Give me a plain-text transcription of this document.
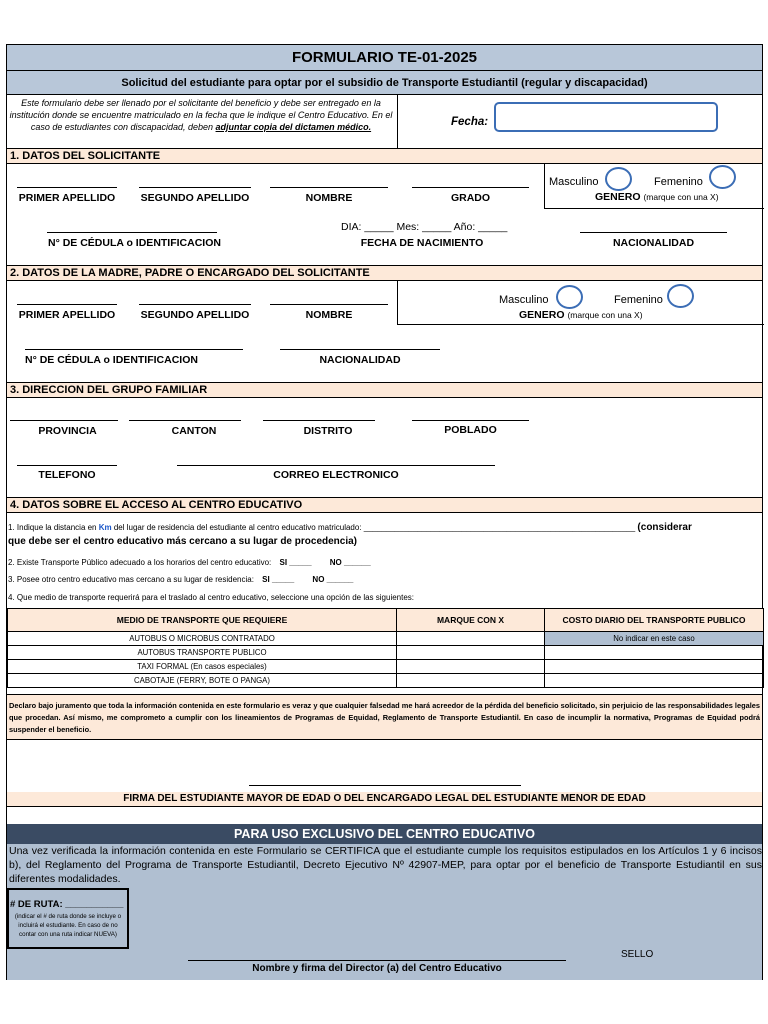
FORMULARIO TE-01-2025
Solicitud del estudiante para optar por el subsidio de Transporte Estudiantil (regular y discapacidad)
Este formulario debe ser llenado por el solicitante del beneficio y debe ser entregado en la institución donde se encuentre matriculado en la fecha que le indique el Centro Educativo. En el caso de estudiantes con discapacidad, deben adjuntar copia del dictamen médico.	Fecha:
1. DATOS DEL SOLICITANTE
PRIMER APELLIDO SEGUNDO APELLIDO	NOMBRE	GRADO
Masculino	Femenino
GENERO (marque con una X)
N° DE CÉDULA o IDENTIFICACION
DIA: _____ Mes: _____ Año: _____
FECHA DE NACIMIENTO	NACIONALIDAD
2. DATOS DE LA MADRE, PADRE O ENCARGADO DEL SOLICITANTE
PRIMER APELLIDO SEGUNDO APELLIDO	NOMBRE
Masculino	Femenino
GENERO (marque con una X)
N° DE CÉDULA o IDENTIFICACION	NACIONALIDAD
3. DIRECCION DEL GRUPO FAMILIAR
PROVINCIA	CANTON	DISTRITO	POBLADO
TELEFONO	CORREO ELECTRONICO
4. DATOS SOBRE EL ACCESO AL CENTRO EDUCATIVO
1. Indique la distancia en Km del lugar de residencia del estudiante al centro educativo matriculado: _____________________________________________________________ (considerar
que debe ser el centro educativo más cercano a su lugar de procedencia)
2. Existe Transporte Público adecuado a los horarios del centro educativo: SI _____ NO ______
3. Posee otro centro educativo mas cercano a su lugar de residencia: SI _____ NO ______
4. Que medio de transporte requerirá para el traslado al centro educativo, seleccione una opción de las siguientes:
MEDIO DE TRANSPORTE QUE REQUIERE	MARQUE CON X	COSTO DIARIO DEL TRANSPORTE PUBLICO
AUTOBUS O MICROBUS CONTRATADO		No indicar en este caso
AUTOBUS TRANSPORTE PUBLICO		
TAXI FORMAL (En casos especiales)		
CABOTAJE (FERRY, BOTE O PANGA)		
Declaro bajo juramento que toda la información contenida en este formulario es veraz y que cualquier falsedad me hará acreedor de la pérdida del beneficio solicitado, sin perjuicio de las responsabilidades legales que procedan. Así mismo, me comprometo a cumplir con los lineamientos de Programas de Equidad, Reglamento de Transporte Estudiantil. En caso de incumplir la normativa, Programas de Equidad podrá suspender el beneficio.
FIRMA DEL ESTUDIANTE MAYOR DE EDAD O DEL ENCARGADO LEGAL DEL ESTUDIANTE MENOR DE EDAD
PARA USO EXCLUSIVO DEL CENTRO EDUCATIVO
Una vez verificada la información contenida en este Formulario se CERTIFICA que el estudiante cumple los requisitos estipulados en los Artículos 1 y 6 incisos b), del Reglamento del Programa de Transporte Estudiantil, Decreto Ejecutivo Nº 42907-MEP, para optar por el beneficio de Transporte Estudiantil en sus diferentes modalidades.
# DE RUTA: ___________
(indicar el # de ruta donde se incluye o incluirá el estudiante. En caso de no contar con una ruta indicar NUEVA)
SELLO
Nombre y firma del Director (a) del Centro Educativo
